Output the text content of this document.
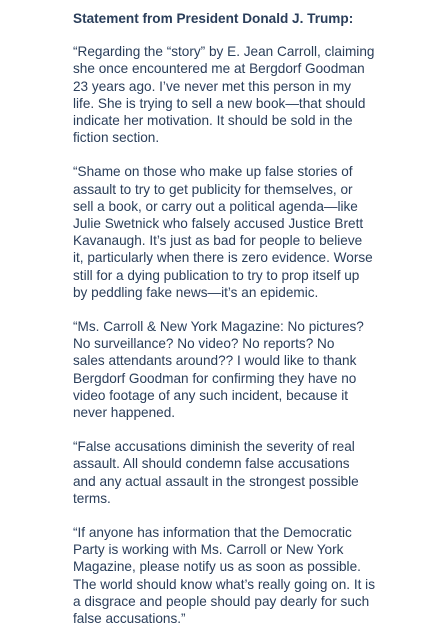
Statement from President Donald J. Trump:
“Regarding the “story” by E. Jean Carroll, claiming
she once encountered me at Bergdorf Goodman
23 years ago. I’ve never met this person in my
life. She is trying to sell a new book—that should
indicate her motivation. It should be sold in the
fiction section.
“Shame on those who make up false stories of
assault to try to get publicity for themselves, or
sell a book, or carry out a political agenda—like
Julie Swetnick who falsely accused Justice Brett
Kavanaugh. It’s just as bad for people to believe
it, particularly when there is zero evidence. Worse
still for a dying publication to try to prop itself up
by peddling fake news—it’s an epidemic.
“Ms. Carroll & New York Magazine: No pictures?
No surveillance? No video? No reports? No
sales attendants around?? I would like to thank
Bergdorf Goodman for confirming they have no
video footage of any such incident, because it
never happened.
“False accusations diminish the severity of real
assault. All should condemn false accusations
and any actual assault in the strongest possible
terms.
“If anyone has information that the Democratic
Party is working with Ms. Carroll or New York
Magazine, please notify us as soon as possible.
The world should know what’s really going on. It is
a disgrace and people should pay dearly for such
false accusations.”
